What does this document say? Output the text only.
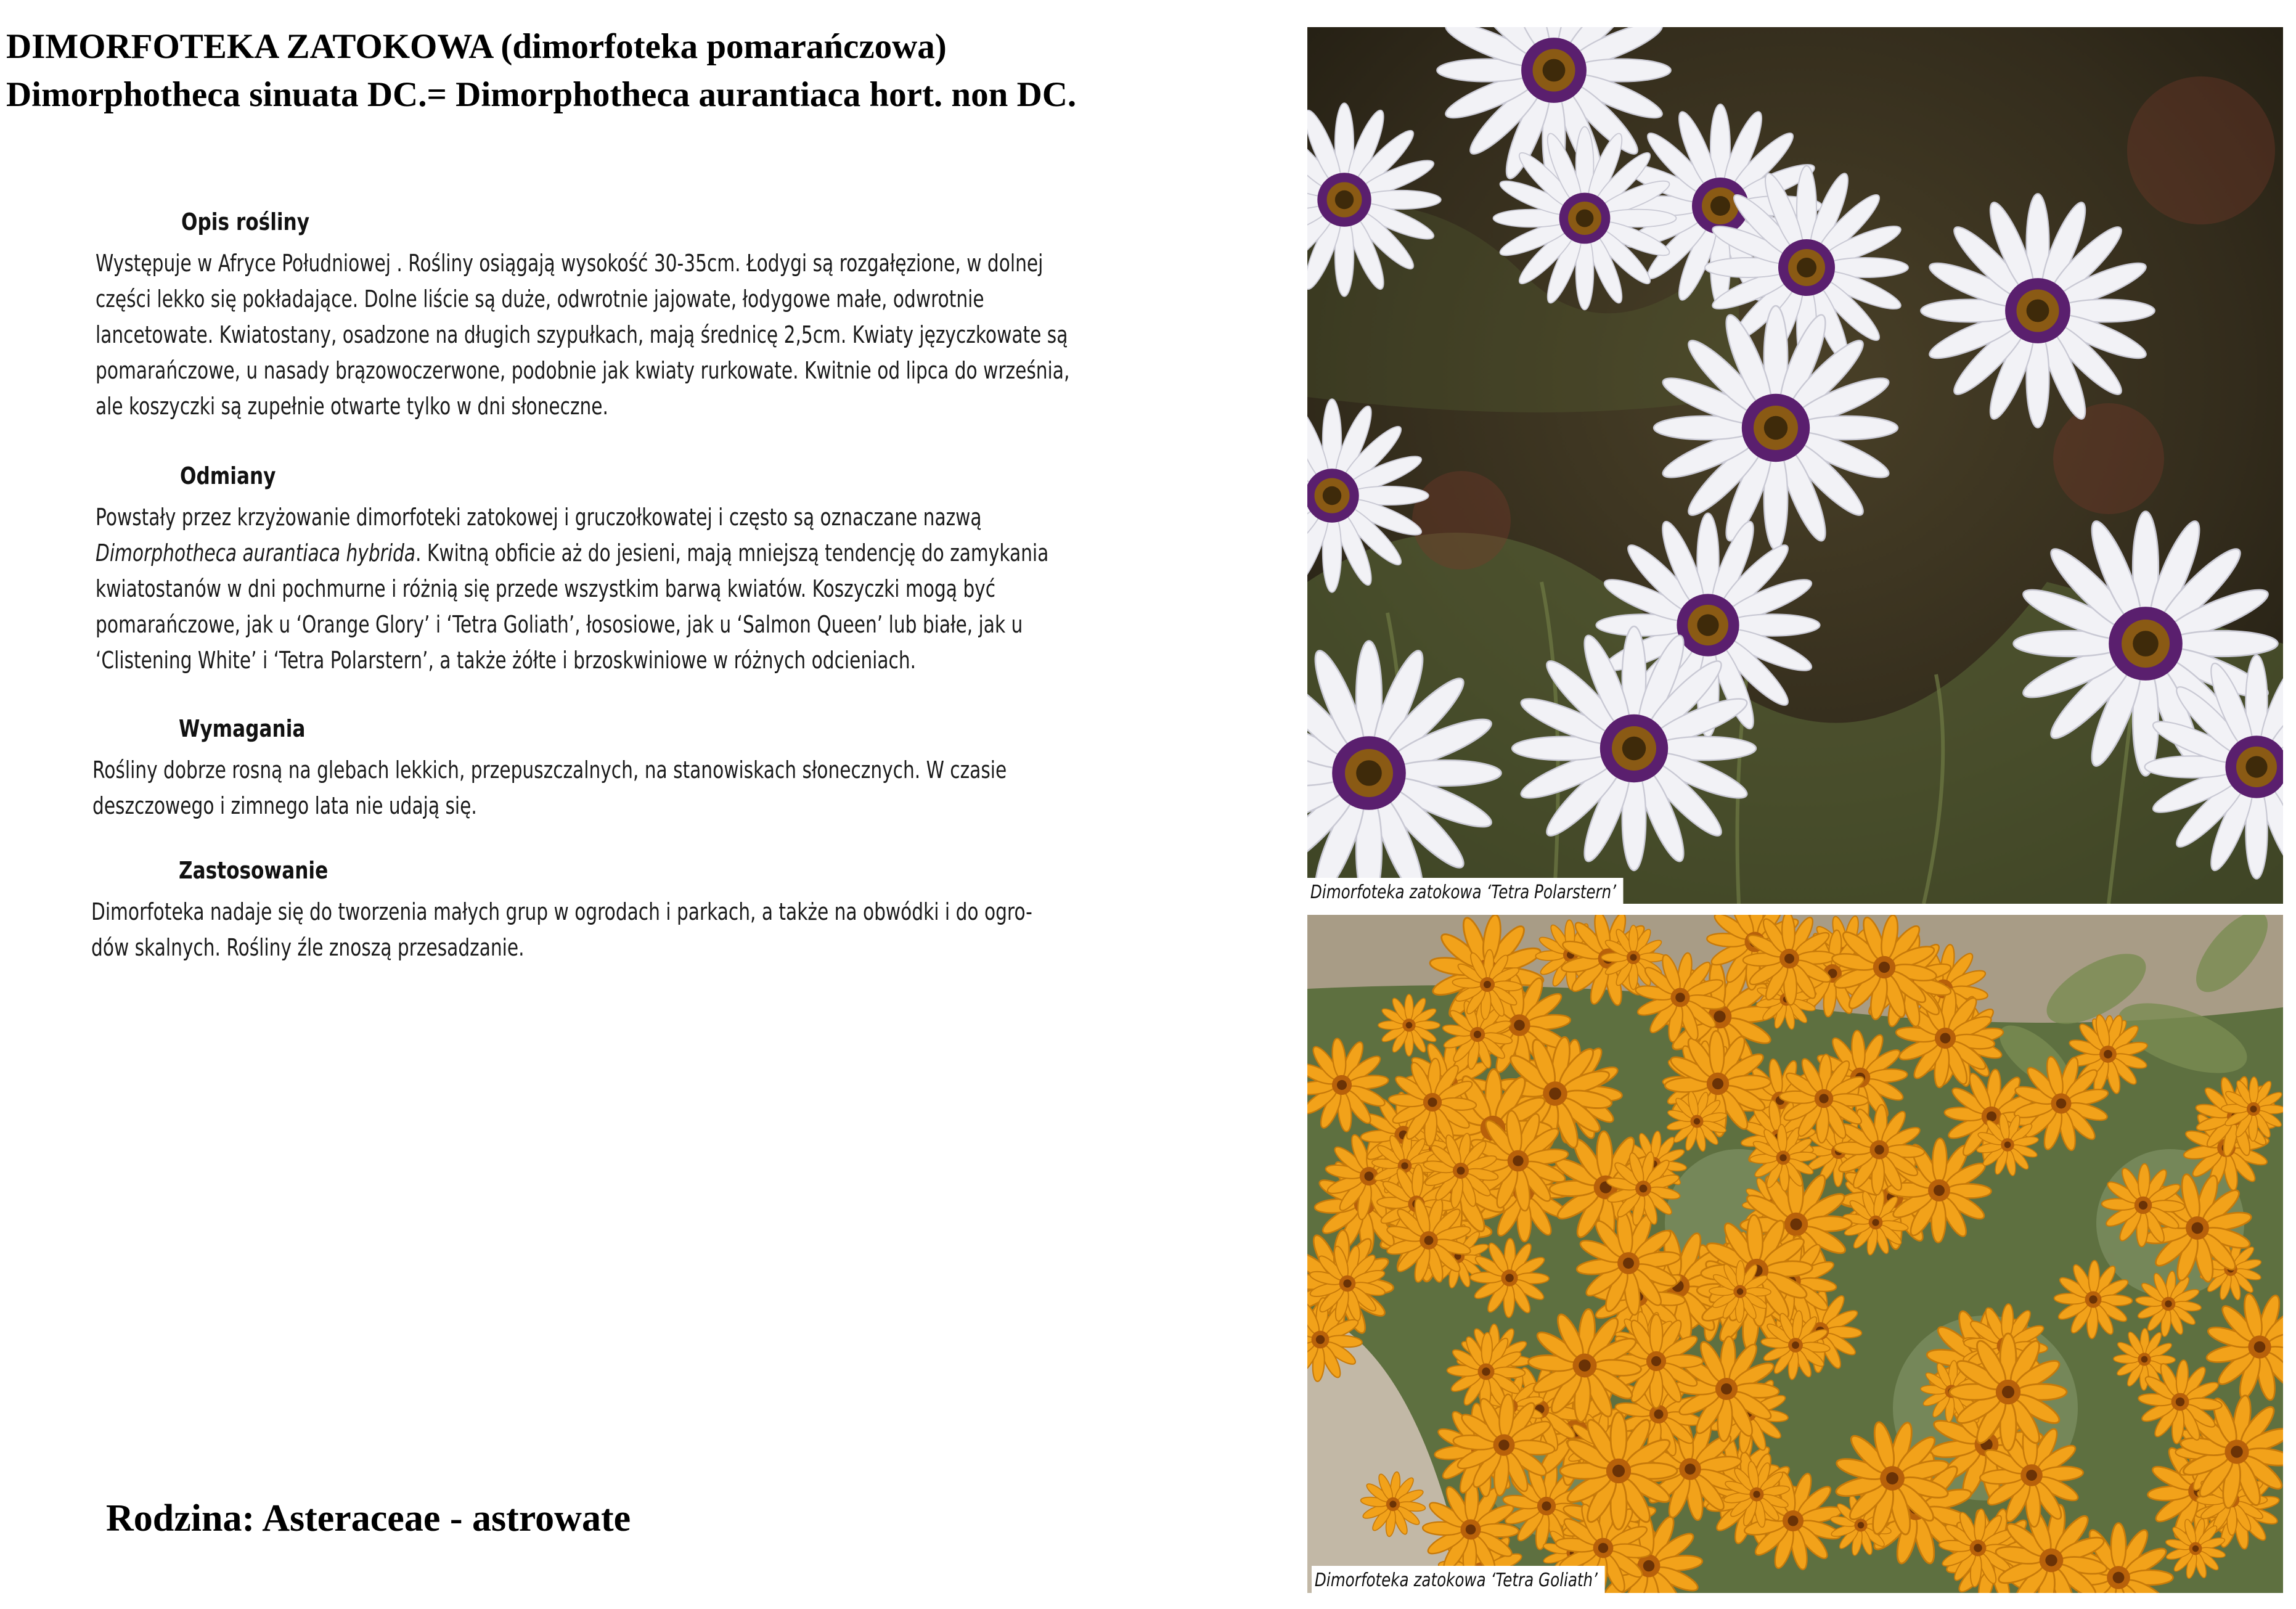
DIMORFOTEKA ZATOKOWA (dimorfoteka pomarańczowa)
Dimorphotheca sinuata DC.= Dimorphotheca aurantiaca hort. non DC.
Opis rośliny
Występuje w Afryce Południowej . Rośliny osiągają wysokość 30-35cm. Łodygi są rozgałęzione, w dolnej
części lekko się pokładające. Dolne liście są duże, odwrotnie jajowate, łodygowe małe, odwrotnie
lancetowate. Kwiatostany, osadzone na długich szypułkach, mają średnicę 2,5cm. Kwiaty języczkowate są
pomarańczowe, u nasady brązowoczerwone, podobnie jak kwiaty rurkowate. Kwitnie od lipca do września,
ale koszyczki są zupełnie otwarte tylko w dni słoneczne.
Odmiany
Powstały przez krzyżowanie dimorfoteki zatokowej i gruczołkowatej i często są oznaczane nazwą
Dimorphotheca aurantiaca hybrida. Kwitną obficie aż do jesieni, mają mniejszą tendencję do zamykania
kwiatostanów w dni pochmurne i różnią się przede wszystkim barwą kwiatów. Koszyczki mogą być
pomarańczowe, jak u ‘Orange Glory’ i ‘Tetra Goliath’, łososiowe, jak u ‘Salmon Queen’ lub białe, jak u
‘Clistening White’ i ‘Tetra Polarstern’, a także żółte i brzoskwiniowe w różnych odcieniach.
Wymagania
Rośliny dobrze rosną na glebach lekkich, przepuszczalnych, na stanowiskach słonecznych. W czasie
deszczowego i zimnego lata nie udają się.
Zastosowanie
Dimorfoteka nadaje się do tworzenia małych grup w ogrodach i parkach, a także na obwódki i do ogro-
dów skalnych. Rośliny źle znoszą przesadzanie.
Rodzina: Asteraceae - astrowate
Dimorfoteka zatokowa ‘Tetra Polarstern’
Dimorfoteka zatokowa ‘Tetra Goliath’
